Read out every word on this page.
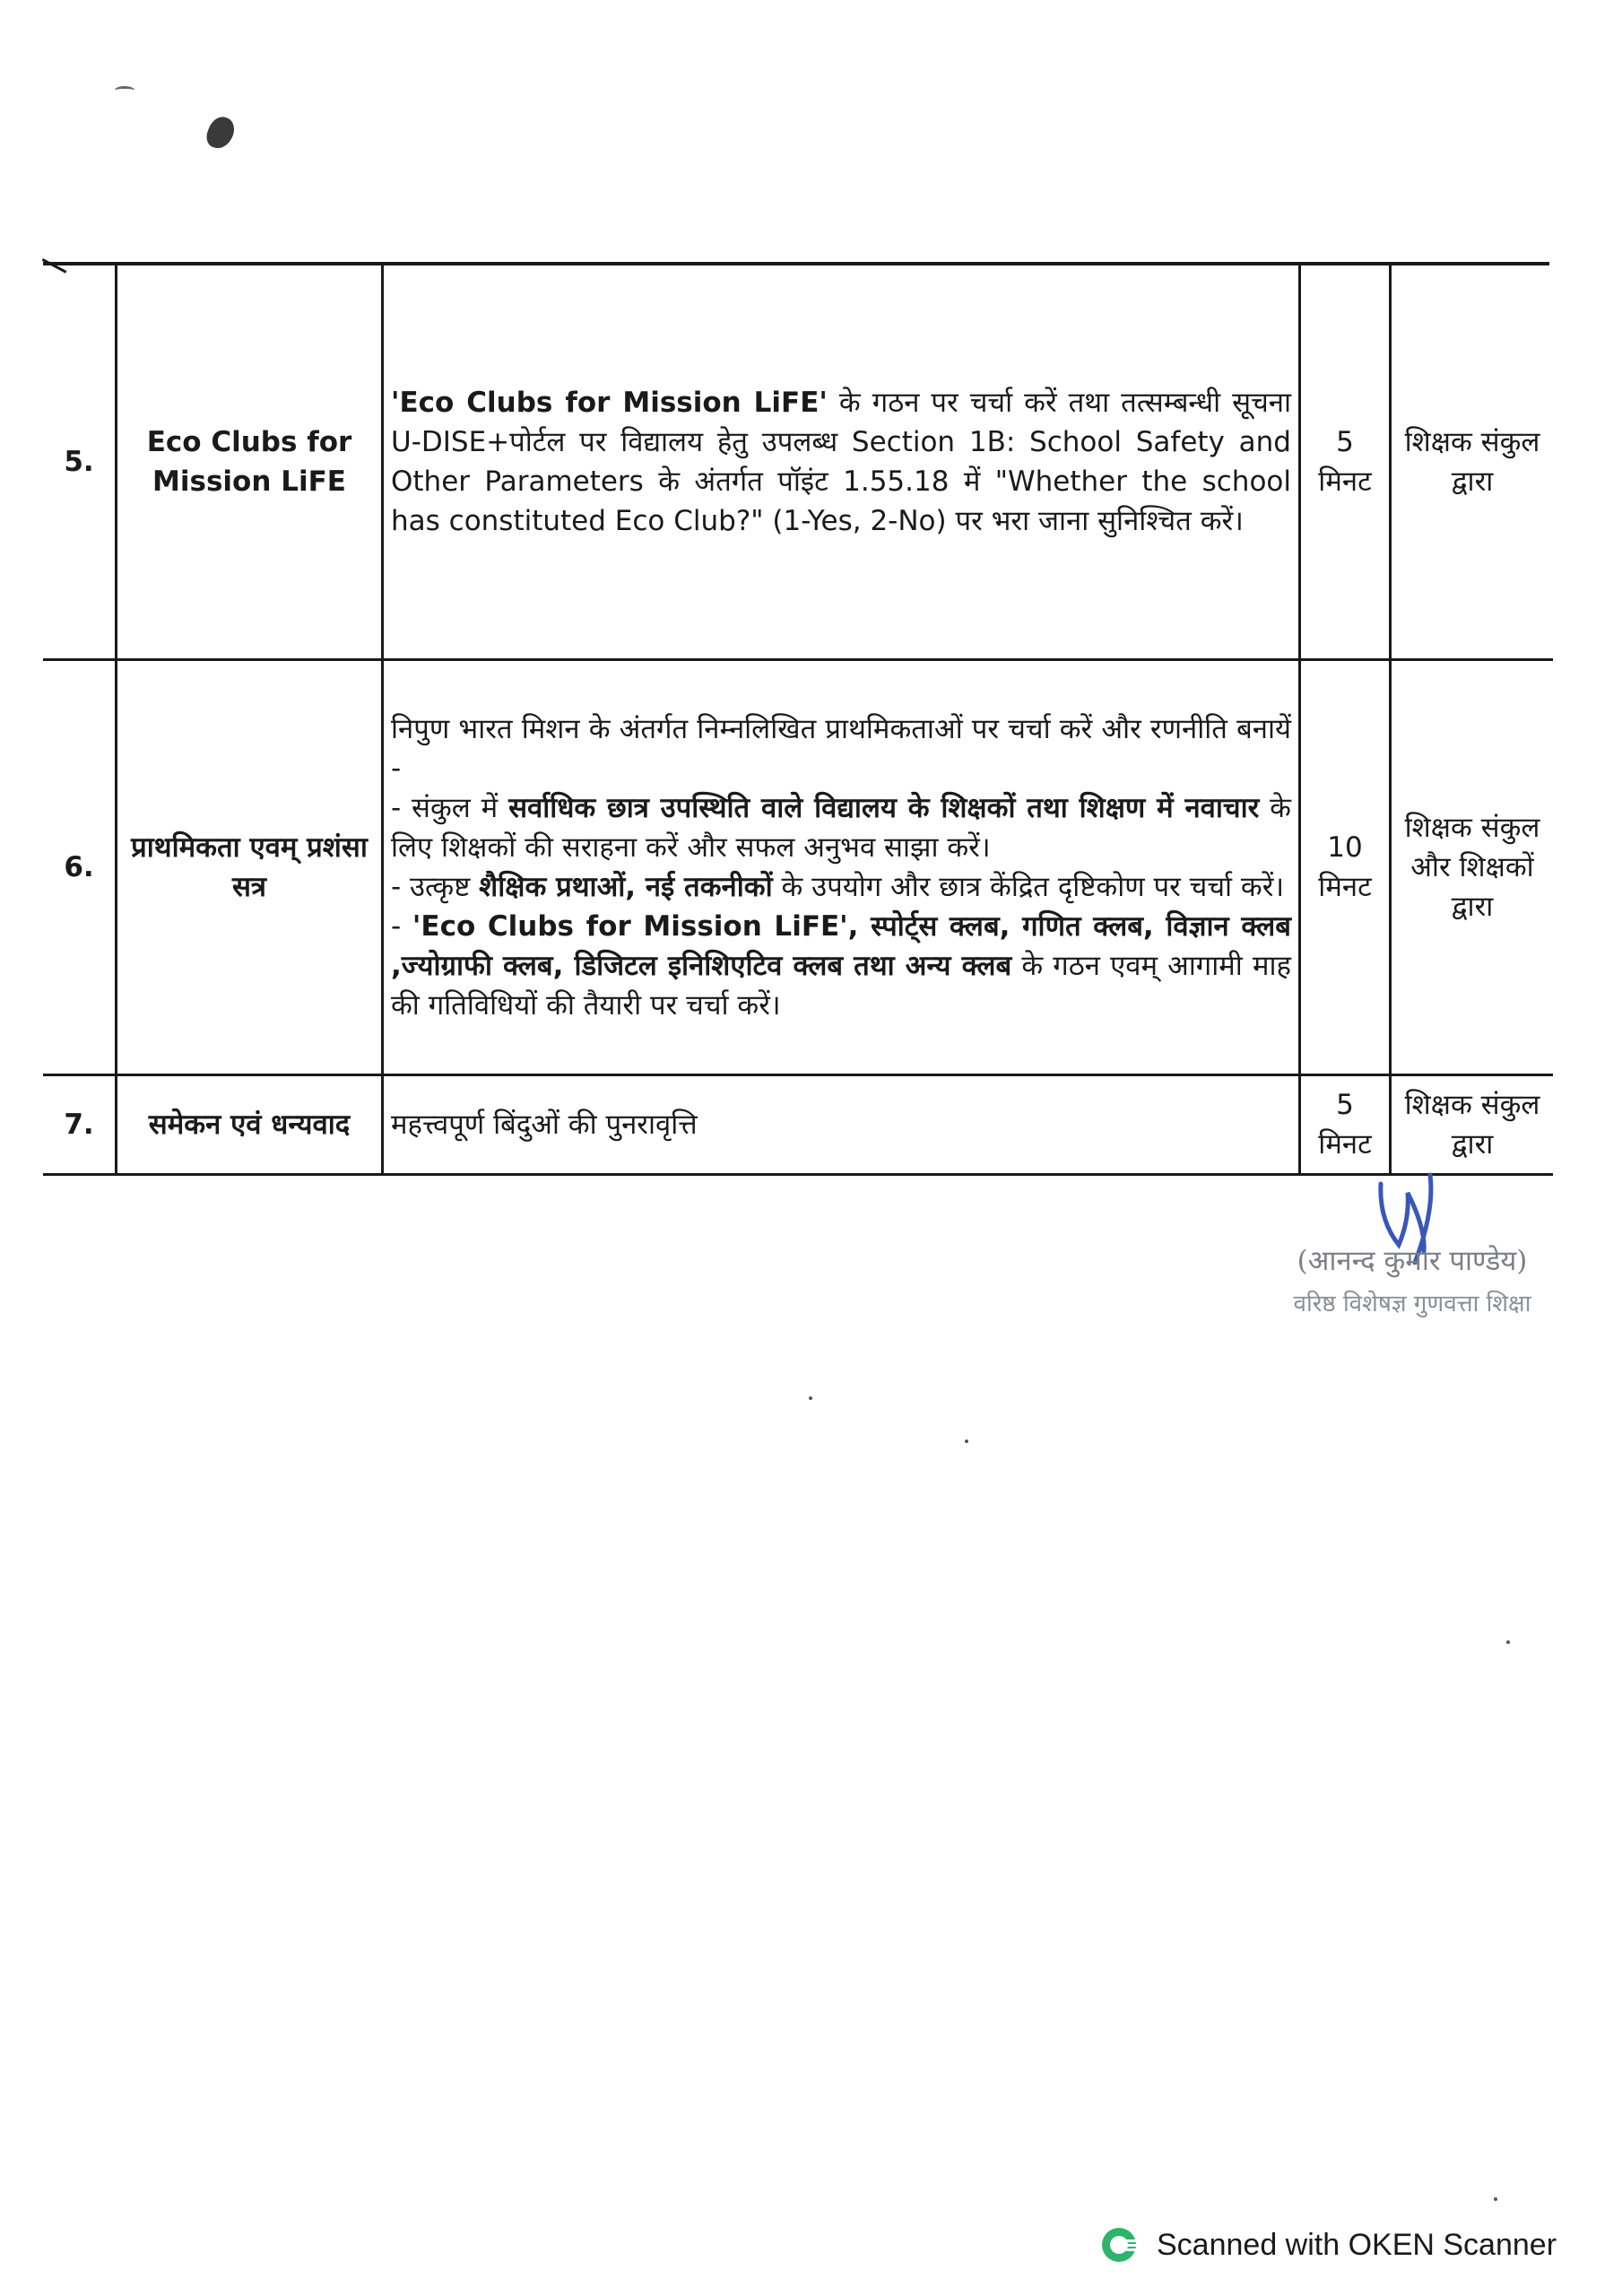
5.	Eco Clubs for Mission LiFE	'Eco Clubs for Mission LiFE' के गठन पर चर्चा करें तथा तत्सम्बन्धी सूचना U-DISE+पोर्टल पर विद्यालय हेतु उपलब्ध Section 1B: School Safety and Other Parameters के अंतर्गत पॉइंट 1.55.18 में "Whether the school has constituted Eco Club?" (1-Yes, 2-No) पर भरा जाना सुनिश्चित करें।	5 मिनट	शिक्षक संकुल द्वारा
6.	प्राथमिकता एवम् प्रशंसा सत्र	निपुण भारत मिशन के अंतर्गत निम्नलिखित प्राथमिकताओं पर चर्चा करें और रणनीति बनायें -
- संकुल में सर्वाधिक छात्र उपस्थिति वाले विद्यालय के शिक्षकों तथा शिक्षण में नवाचार के लिए शिक्षकों की सराहना करें और सफल अनुभव साझा करें।
- उत्कृष्ट शैक्षिक प्रथाओं, नई तकनीकों के उपयोग और छात्र केंद्रित दृष्टिकोण पर चर्चा करें।
- 'Eco Clubs for Mission LiFE', स्पोर्ट्स क्लब, गणित क्लब, विज्ञान क्लब ,ज्योग्राफी क्लब, डिजिटल इनिशिएटिव क्लब तथा अन्य क्लब के गठन एवम् आगामी माह की गतिविधियों की तैयारी पर चर्चा करें।	10 मिनट	शिक्षक संकुल और शिक्षकों द्वारा
7.	समेकन एवं धन्यवाद	महत्त्वपूर्ण बिंदुओं की पुनरावृत्ति	5 मिनट	शिक्षक संकुल द्वारा
(आनन्द कुमार पाण्डेय)
वरिष्ठ विशेषज्ञ गुणवत्ता शिक्षा
Scanned with OKEN Scanner
